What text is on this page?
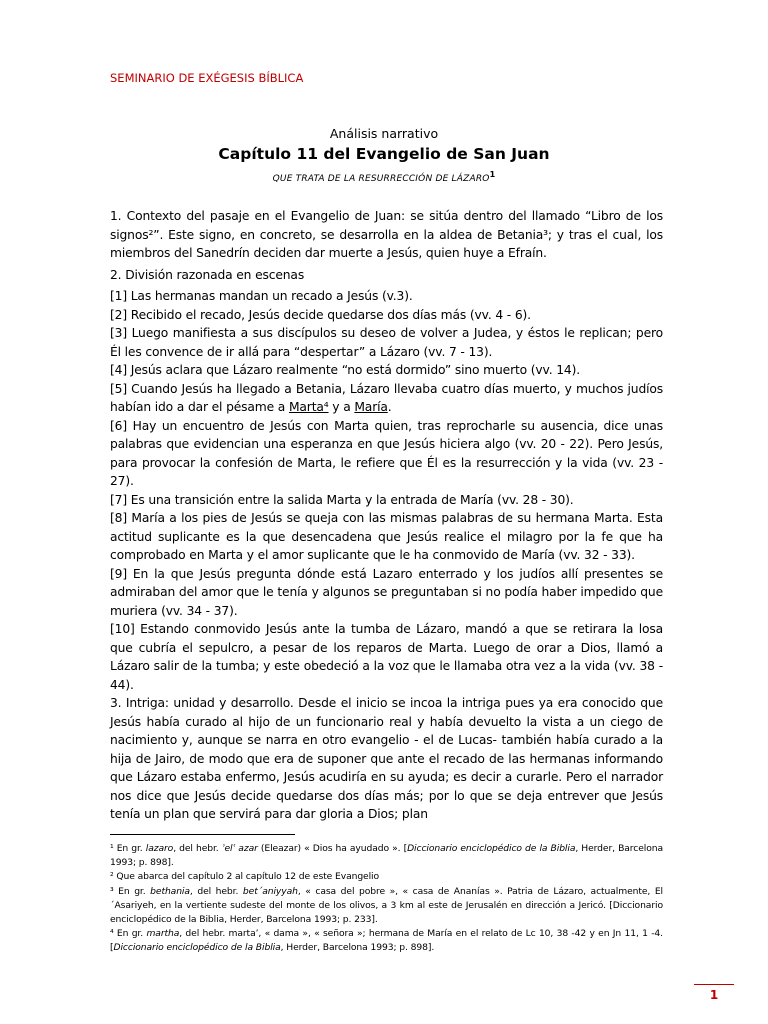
SEMINARIO DE EXÉGESIS BÍBLICA
Análisis narrativo
Capítulo 11 del Evangelio de San Juan
QUE TRATA DE LA RESURRECCIÓN DE LÁZARO$^1$

1. Contexto del pasaje en el Evangelio de Juan: se sitúa dentro del llamado “Libro de los signos²”. Este signo, en concreto, se desarrolla en la aldea de Betania³; y tras el cual, los miembros del Sanedrín deciden dar muerte a Jesús, quien huye a Efraín.

2. División razonada en escenas

[1] Las hermanas mandan un recado a Jesús (v.3).

[2] Recibido el recado, Jesús decide quedarse dos días más (vv. 4 - 6).

[3] Luego manifiesta a sus discípulos su deseo de volver a Judea, y éstos le replican; pero Él les convence de ir allá para “despertar” a Lázaro (vv. 7 - 13).

[4] Jesús aclara que Lázaro realmente “no está dormido” sino muerto (vv. 14).

[5] Cuando Jesús ha llegado a Betania, Lázaro llevaba cuatro días muerto, y muchos judíos habían ido a dar el pésame a Marta⁴ y a María.

[6] Hay un encuentro de Jesús con Marta quien, tras reprocharle su ausencia, dice unas palabras que evidencian una esperanza en que Jesús hiciera algo (vv. 20 - 22). Pero Jesús, para provocar la confesión de Marta, le refiere que Él es la resurrección y la vida (vv. 23 - 27).

[7] Es una transición entre la salida Marta y la entrada de María (vv. 28 - 30).

[8] María a los pies de Jesús se queja con las mismas palabras de su hermana Marta. Esta actitud suplicante es la que desencadena que Jesús realice el milagro por la fe que ha comprobado en Marta y el amor suplicante que le ha conmovido de María (vv. 32 - 33).

[9] En la que Jesús pregunta dónde está Lazaro enterrado y los judíos allí presentes se admiraban del amor que le tenía y algunos se preguntaban si no podía haber impedido que muriera (vv. 34 - 37).

[10] Estando conmovido Jesús ante la tumba de Lázaro, mandó a que se retirara la losa que cubría el sepulcro, a pesar de los reparos de Marta. Luego de orar a Dios, llamó a Lázaro salir de la tumba; y este obedeció a la voz que le llamaba otra vez a la vida (vv. 38 - 44).

3. Intriga: unidad y desarrollo. Desde el inicio se incoa la intriga pues ya era conocido que Jesús había curado al hijo de un funcionario real y había devuelto la vista a un ciego de nacimiento y, aunque se narra en otro evangelio - el de Lucas- también había curado a la hija de Jairo, de modo que era de suponer que ante el recado de las hermanas informando que Lázaro estaba enfermo, Jesús acudiría en su ayuda; es decir a curarle. Pero el narrador nos dice que Jesús decide quedarse dos días más; por lo que se deja entrever que Jesús tenía un plan que servirá para dar gloria a Dios; plan

¹ En gr. lazaro, del hebr. ʾelʿ azar (Eleazar) « Dios ha ayudado ». [Diccionario enciclopédico de la Biblia, Herder, Barcelona 1993; p. 898].

² Que abarca del capítulo 2 al capítulo 12 de este Evangelio

³ En gr. bethania, del hebr. bet´aniyyah, « casa del pobre », « casa de Ananías ». Patria de Lázaro, actualmente, El´Asariyeh, en la vertiente sudeste del monte de los olivos, a 3 km al este de Jerusalén en dirección a Jericó. [Diccionario enciclopédico de la Biblia, Herder, Barcelona 1993; p. 233].

⁴ En gr. martha, del hebr. marta’, « dama », « señora »; hermana de María en el relato de Lc 10, 38 -42 y en Jn 11, 1 -4.[Diccionario enciclopédico de la Biblia, Herder, Barcelona 1993; p. 898].

1
